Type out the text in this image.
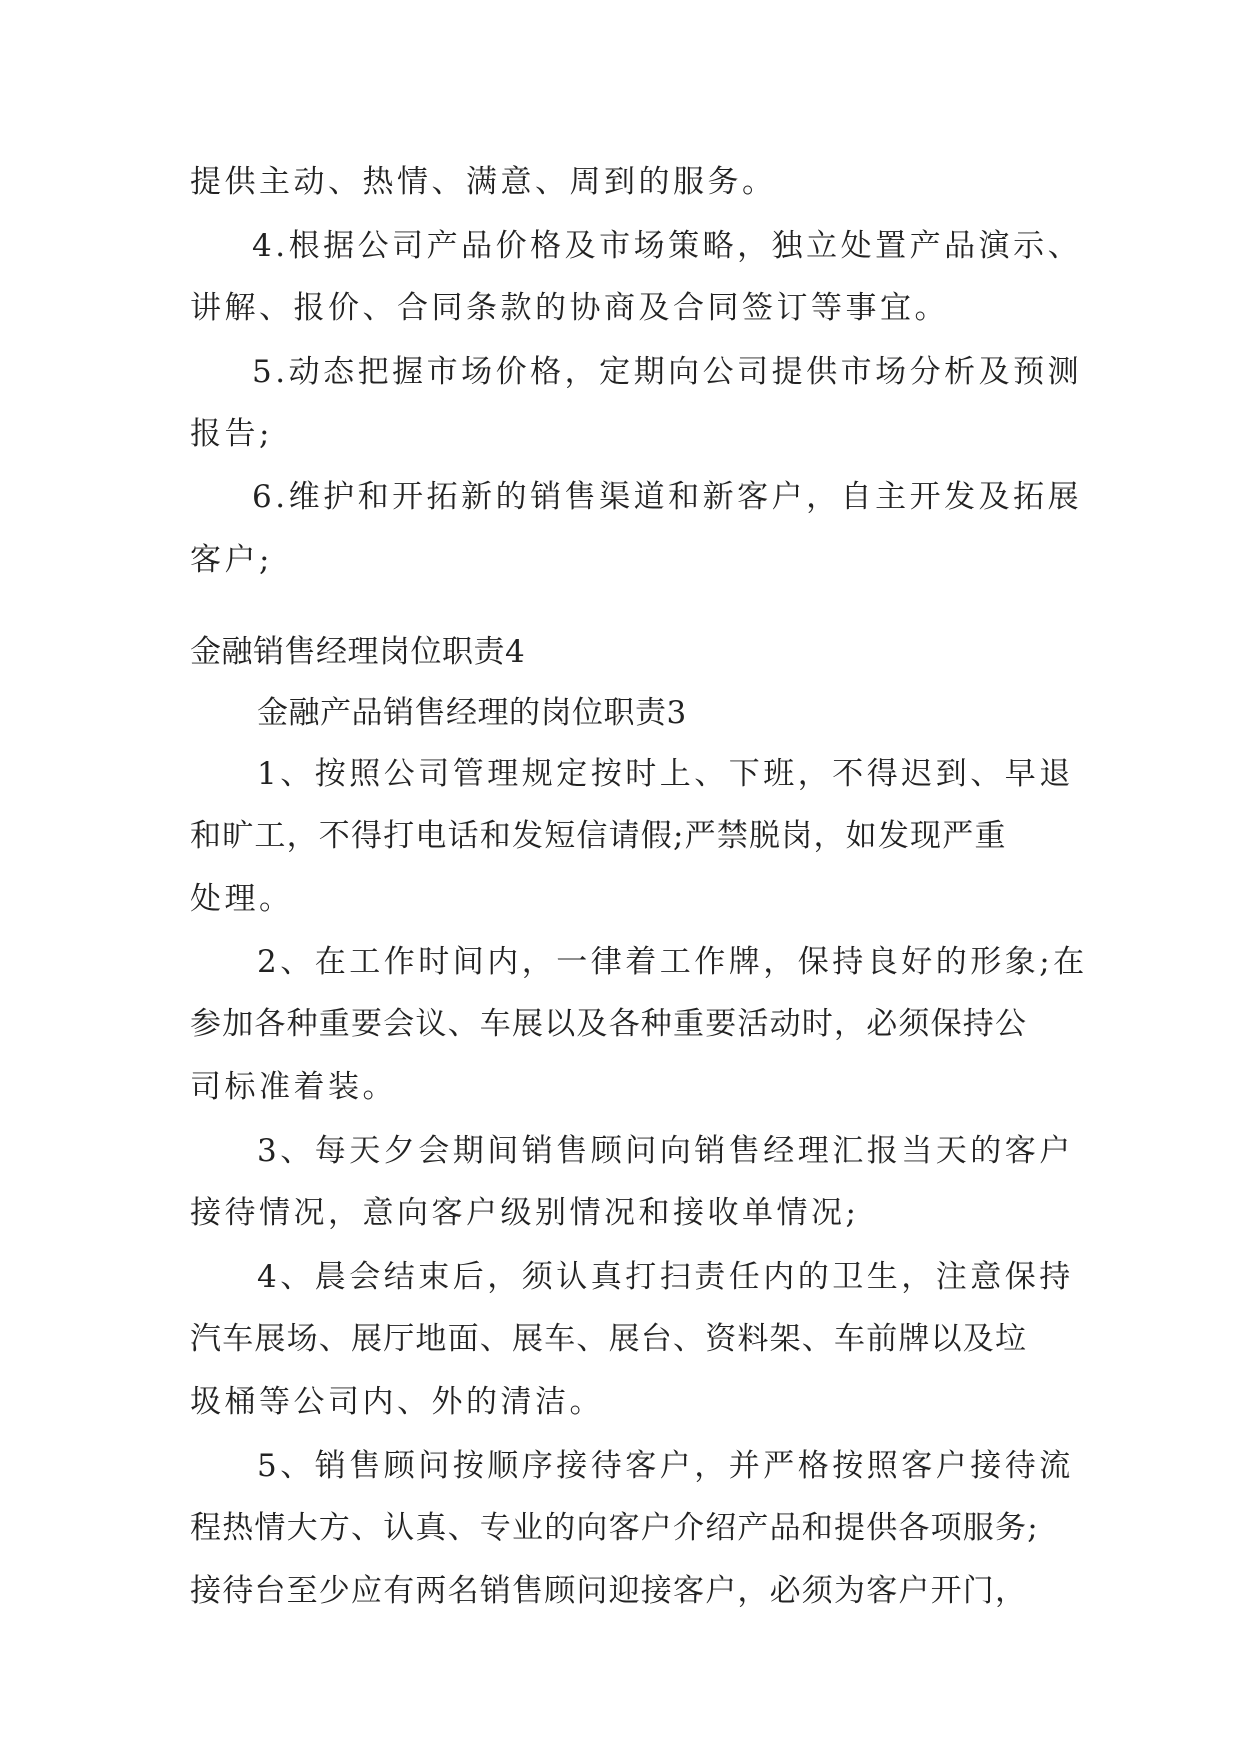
提供主动、热情、满意、周到的服务。
4.根据公司产品价格及市场策略，独立处置产品演示、
讲解、报价、合同条款的协商及合同签订等事宜。
5.动态把握市场价格，定期向公司提供市场分析及预测
报告;
6.维护和开拓新的销售渠道和新客户，自主开发及拓展
客户;
金融销售经理岗位职责4
金融产品销售经理的岗位职责3
1、按照公司管理规定按时上、下班，不得迟到、早退
和旷工，不得打电话和发短信请假;严禁脱岗，如发现严重
处理。
2、在工作时间内，一律着工作牌，保持良好的形象;在
参加各种重要会议、车展以及各种重要活动时，必须保持公
司标准着装。
3、每天夕会期间销售顾问向销售经理汇报当天的客户
接待情况，意向客户级别情况和接收单情况;
4、晨会结束后，须认真打扫责任内的卫生，注意保持
汽车展场、展厅地面、展车、展台、资料架、车前牌以及垃
圾桶等公司内、外的清洁。
5、销售顾问按顺序接待客户，并严格按照客户接待流
程热情大方、认真、专业的向客户介绍产品和提供各项服务;
接待台至少应有两名销售顾问迎接客户，必须为客户开门，
